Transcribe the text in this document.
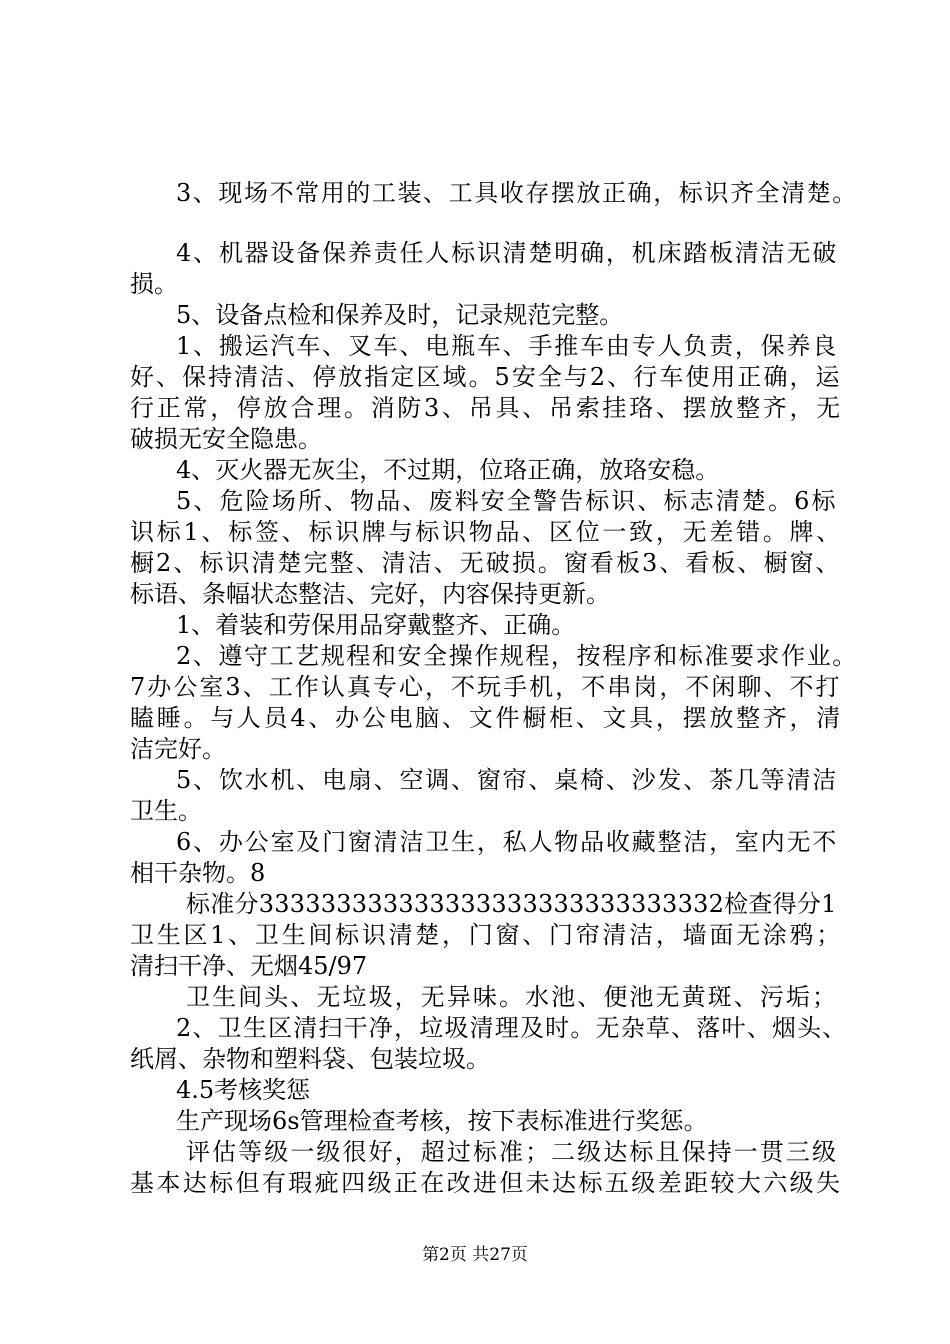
3、现场不常用的工装、工具收存摆放正确，标识齐全清楚。

4、机器设备保养责任人标识清楚明确，机床踏板清洁无破

损。

5、设备点检和保养及时，记录规范完整。

1、搬运汽车、叉车、电瓶车、手推车由专人负责，保养良

好、保持清洁、停放指定区域。5安全与2、行车使用正确，运

行正常，停放合理。消防3、吊具、吊索挂珞、摆放整齐，无

破损无安全隐患。

4、灭火器无灰尘，不过期，位珞正确，放珞安稳。

5、危险场所、物品、废料安全警告标识、标志清楚。6标

识标1、标签、标识牌与标识物品、区位一致，无差错。牌、

橱2、标识清楚完整、清洁、无破损。窗看板3、看板、橱窗、

标语、条幅状态整洁、完好，内容保持更新。

1、着装和劳保用品穿戴整齐、正确。

2、遵守工艺规程和安全操作规程，按程序和标准要求作业。

7办公室3、工作认真专心，不玩手机，不串岗，不闲聊、不打

瞌睡。与人员4、办公电脑、文件橱柜、文具，摆放整齐，清

洁完好。

5、饮水机、电扇、空调、窗帘、桌椅、沙发、茶几等清洁

卫生。

6、办公室及门窗清洁卫生，私人物品收藏整洁，室内无不

相干杂物。8

标准分333333333333333333333333333332检查得分1

卫生区1、卫生间标识清楚，门窗、门帘清洁，墙面无涂鸦；

清扫干净、无烟45/97

卫生间头、无垃圾，无异味。水池、便池无黄斑、污垢；

2、卫生区清扫干净，垃圾清理及时。无杂草、落叶、烟头、

纸屑、杂物和塑料袋、包装垃圾。

4.5考核奖惩

生产现场6s管理检查考核，按下表标准进行奖惩。

评估等级一级很好，超过标准；二级达标且保持一贯三级

基本达标但有瑕疵四级正在改进但未达标五级差距较大六级失

第2页 共27页
